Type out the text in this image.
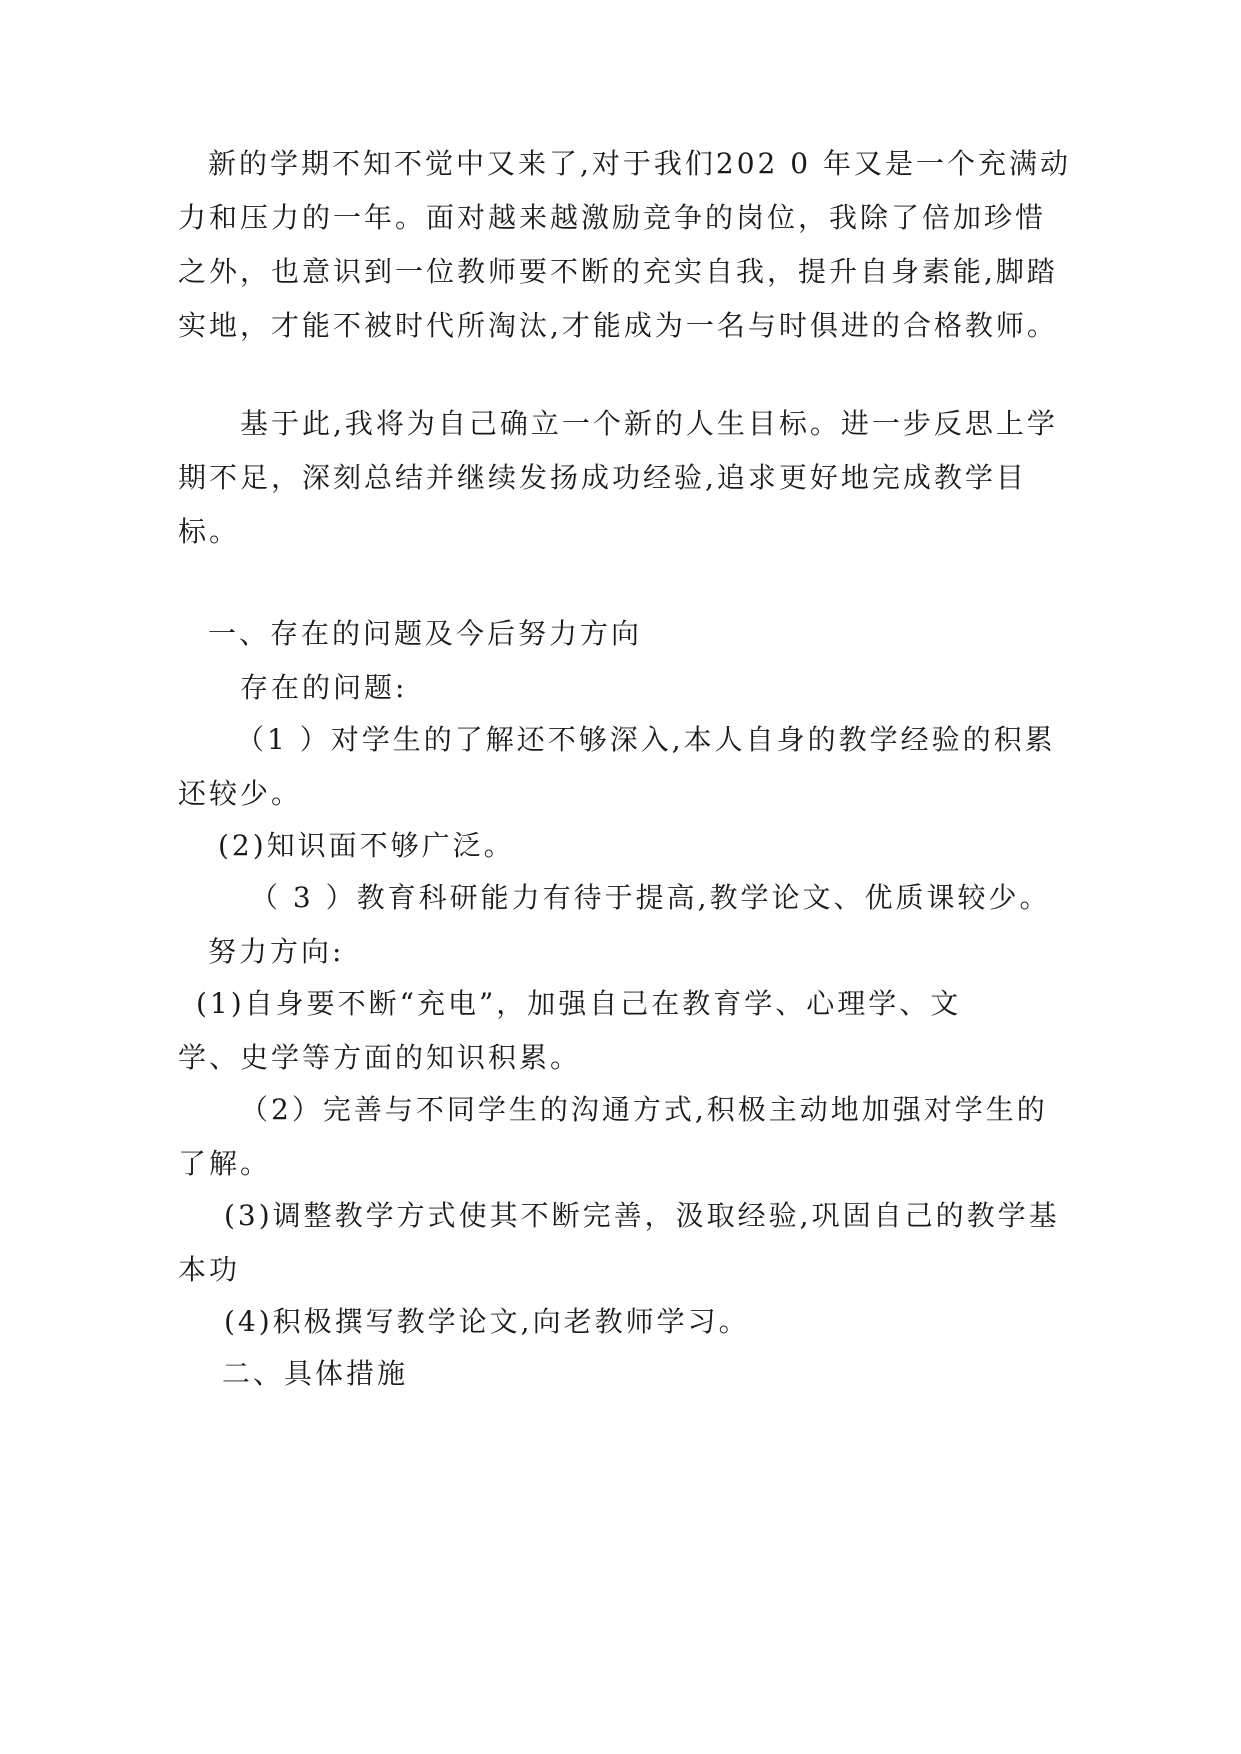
新的学期不知不觉中又来了,对于我们202 0 年又是一个充满动
力和压力的一年。面对越来越激励竞争的岗位，我除了倍加珍惜
之外，也意识到一位教师要不断的充实自我，提升自身素能,脚踏
实地，才能不被时代所淘汰,才能成为一名与时俱进的合格教师。
基于此,我将为自己确立一个新的人生目标。进一步反思上学
期不足，深刻总结并继续发扬成功经验,追求更好地完成教学目
标。
一、存在的问题及今后努力方向
存在的问题:
（1 ）对学生的了解还不够深入,本人自身的教学经验的积累
还较少。
(2)知识面不够广泛。
（ 3 ）教育科研能力有待于提高,教学论文、优质课较少。
努力方向:
(1)自身要不断“充电”，加强自己在教育学、心理学、文
学、史学等方面的知识积累。
（2）完善与不同学生的沟通方式,积极主动地加强对学生的
了解。
(3)调整教学方式使其不断完善，汲取经验,巩固自己的教学基
本功
(4)积极撰写教学论文,向老教师学习。
二、具体措施
